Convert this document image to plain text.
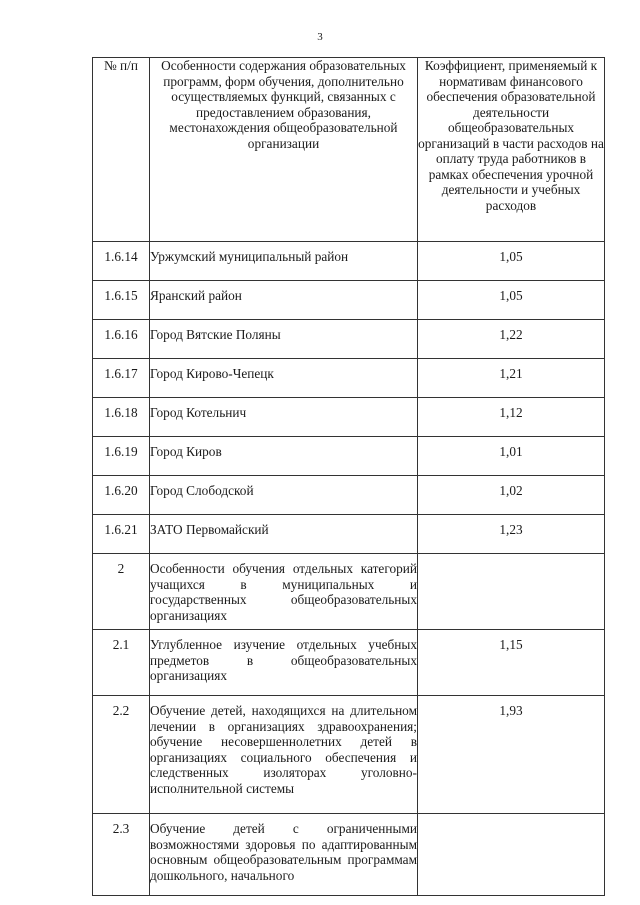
3
№ п/п	Особенности содержания образовательных программ, форм обучения, дополнительно осуществляемых функций, связанных с предоставлением образования, местонахождения общеобразовательной организации	Коэффициент, применяемый к нормативам финансового обеспечения образовательной деятельности общеобразовательных организаций в части расходов на оплату труда работников в рамках обеспечения урочной деятельности и учебных расходов
1.6.14	Уржумский муниципальный район	1,05
1.6.15	Яранский район	1,05
1.6.16	Город Вятские Поляны	1,22
1.6.17	Город Кирово-Чепецк	1,21
1.6.18	Город Котельнич	1,12
1.6.19	Город Киров	1,01
1.6.20	Город Слободской	1,02
1.6.21	ЗАТО Первомайский	1,23
2	Особенности обучения отдельных категорий учащихся в муниципальных и государственных общеобразовательных организациях	
2.1	Углубленное изучение отдельных учебных предметов в общеобразовательных организациях	1,15
2.2	Обучение детей, находящихся на длительном лечении в организациях здравоохранения; обучение несовершеннолетних детей в организациях социального обеспечения и следственных изоляторах уголовно-исполнительной системы	1,93
2.3	Обучение детей с ограниченными возможностями здоровья по адаптированным основным общеобразовательным программам дошкольного, начального	
